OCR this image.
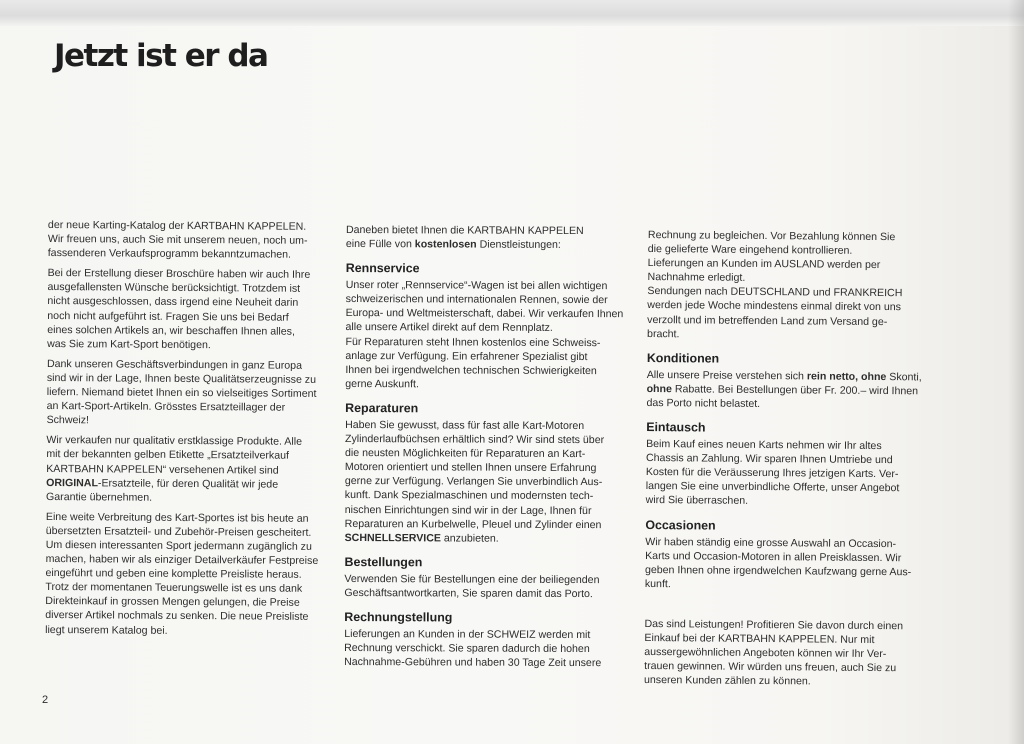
Jetzt ist er da

der neue Karting-Katalog der KARTBAHN KAPPELEN.
Wir freuen uns, auch Sie mit unserem neuen, noch um-
fassenderen Verkaufsprogramm bekanntzumachen.

Bei der Erstellung dieser Broschüre haben wir auch Ihre
ausgefallensten Wünsche berücksichtigt. Trotzdem ist
nicht ausgeschlossen, dass irgend eine Neuheit darin
noch nicht aufgeführt ist. Fragen Sie uns bei Bedarf
eines solchen Artikels an, wir beschaffen Ihnen alles,
was Sie zum Kart-Sport benötigen.

Dank unseren Geschäftsverbindungen in ganz Europa
sind wir in der Lage, Ihnen beste Qualitätserzeugnisse zu
liefern. Niemand bietet Ihnen ein so vielseitiges Sortiment
an Kart-Sport-Artikeln. Grösstes Ersatzteillager der
Schweiz!

Wir verkaufen nur qualitativ erstklassige Produkte. Alle
mit der bekannten gelben Etikette „Ersatzteilverkauf
KARTBAHN KAPPELEN“ versehenen Artikel sind
ORIGINAL-Ersatzteile, für deren Qualität wir jede
Garantie übernehmen.

Eine weite Verbreitung des Kart-Sportes ist bis heute an
übersetzten Ersatzteil- und Zubehör-Preisen gescheitert.
Um diesen interessanten Sport jedermann zugänglich zu
machen, haben wir als einziger Detailverkäufer Festpreise
eingeführt und geben eine komplette Preisliste heraus.
Trotz der momentanen Teuerungswelle ist es uns dank
Direkteinkauf in grossen Mengen gelungen, die Preise
diverser Artikel nochmals zu senken. Die neue Preisliste
liegt unserem Katalog bei.

Daneben bietet Ihnen die KARTBAHN KAPPELEN
eine Fülle von kostenlosen Dienstleistungen:

Rennservice

Unser roter „Rennservice“-Wagen ist bei allen wichtigen
schweizerischen und internationalen Rennen, sowie der
Europa- und Weltmeisterschaft, dabei. Wir verkaufen Ihnen
alle unsere Artikel direkt auf dem Rennplatz.
Für Reparaturen steht Ihnen kostenlos eine Schweiss-
anlage zur Verfügung. Ein erfahrener Spezialist gibt
Ihnen bei irgendwelchen technischen Schwierigkeiten
gerne Auskunft.

Reparaturen

Haben Sie gewusst, dass für fast alle Kart-Motoren
Zylinderlaufbüchsen erhältlich sind? Wir sind stets über
die neusten Möglichkeiten für Reparaturen an Kart-
Motoren orientiert und stellen Ihnen unsere Erfahrung
gerne zur Verfügung. Verlangen Sie unverbindlich Aus-
kunft. Dank Spezialmaschinen und modernsten tech-
nischen Einrichtungen sind wir in der Lage, Ihnen für
Reparaturen an Kurbelwelle, Pleuel und Zylinder einen
SCHNELLSERVICE anzubieten.

Bestellungen

Verwenden Sie für Bestellungen eine der beiliegenden
Geschäftsantwortkarten, Sie sparen damit das Porto.

Rechnungstellung

Lieferungen an Kunden in der SCHWEIZ werden mit
Rechnung verschickt. Sie sparen dadurch die hohen
Nachnahme-Gebühren und haben 30 Tage Zeit unsere

Rechnung zu begleichen. Vor Bezahlung können Sie
die gelieferte Ware eingehend kontrollieren.
Lieferungen an Kunden im AUSLAND werden per
Nachnahme erledigt.
Sendungen nach DEUTSCHLAND und FRANKREICH
werden jede Woche mindestens einmal direkt von uns
verzollt und im betreffenden Land zum Versand ge-
bracht.

Konditionen

Alle unsere Preise verstehen sich rein netto, ohne Skonti,
ohne Rabatte. Bei Bestellungen über Fr. 200.– wird Ihnen
das Porto nicht belastet.

Eintausch

Beim Kauf eines neuen Karts nehmen wir Ihr altes
Chassis an Zahlung. Wir sparen Ihnen Umtriebe und
Kosten für die Veräusserung Ihres jetzigen Karts. Ver-
langen Sie eine unverbindliche Offerte, unser Angebot
wird Sie überraschen.

Occasionen

Wir haben ständig eine grosse Auswahl an Occasion-
Karts und Occasion-Motoren in allen Preisklassen. Wir
geben Ihnen ohne irgendwelchen Kaufzwang gerne Aus-
kunft.

Das sind Leistungen! Profitieren Sie davon durch einen
Einkauf bei der KARTBAHN KAPPELEN. Nur mit
aussergewöhnlichen Angeboten können wir Ihr Ver-
trauen gewinnen. Wir würden uns freuen, auch Sie zu
unseren Kunden zählen zu können.

2
